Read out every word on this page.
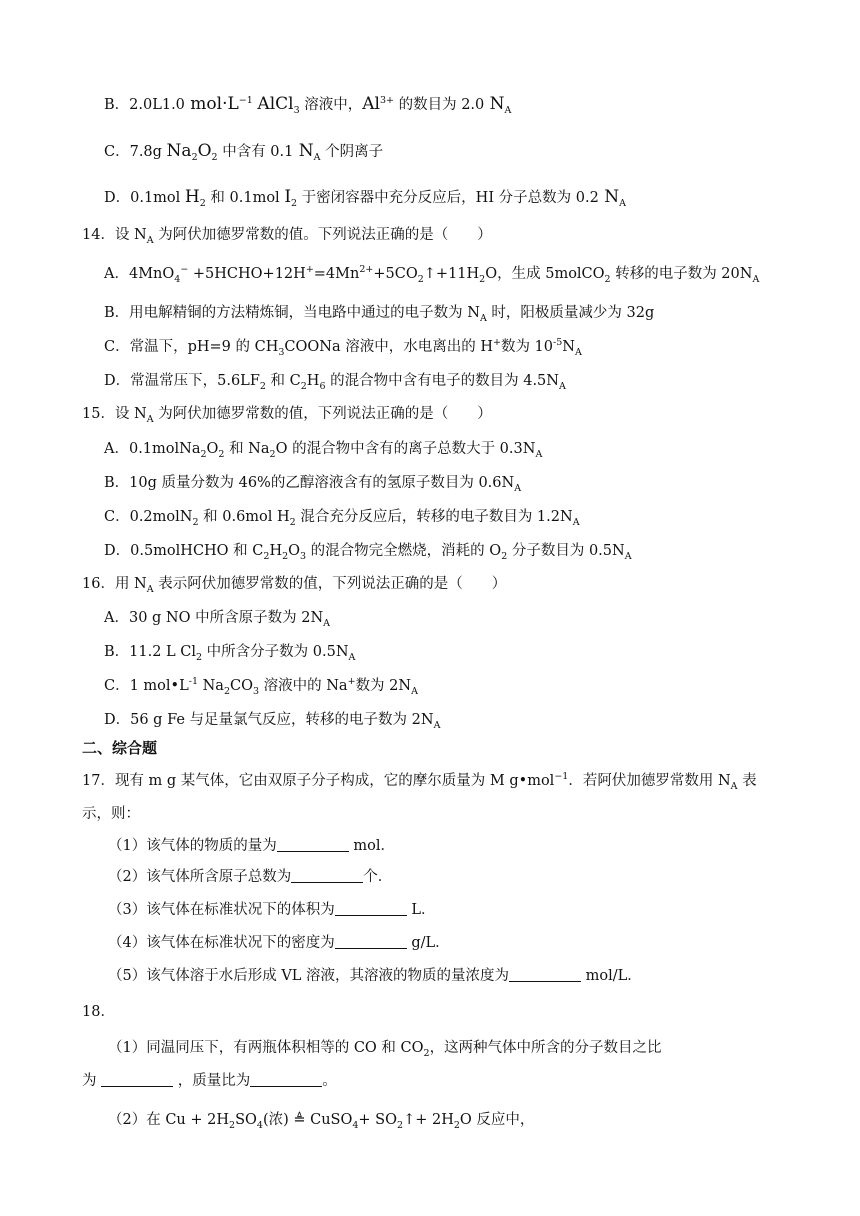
B．2.0L1.0 $mol\cdot L^{-1}$ AlCl$_3$ 溶液中，$Al^{3+}$ 的数目为 2.0 $N_A$
C．7.8g $Na_2O_2$ 中含有 0.1 $N_A$ 个阴离子
D．0.1mol $H_2$ 和 0.1mol $I_2$ 于密闭容器中充分反应后，HI 分子总数为 0.2 $N_A$
14．设 $N_A$ 为阿伏加德罗常数的值。下列说法正确的是（　　）
A．$4MnO_4^- +5HCHO+12H^+=4Mn^{2+}+5CO_2↑+11H_2O$，生成 5molCO$_2$ 转移的电子数为 $20N_A$
B．用电解精铜的方法精炼铜，当电路中通过的电子数为 $N_A$ 时，阳极质量减少为 32g
C．常温下，pH=9 的 $CH_3COONa$ 溶液中，水电离出的 H+数为 $10^{-5}N_A$
D．常温常压下，$5.6LF_2$ 和 $C_2H_6$ 的混合物中含有电子的数目为 $4.5N_A$
15．设 $N_A$ 为阿伏加德罗常数的值，下列说法正确的是（　　）
A．$0.1molNa_2O_2$ 和 $Na_2O$ 的混合物中含有的离子总数大于 $0.3N_A$
B．10g 质量分数为 46%的乙醇溶液含有的氢原子数目为 $0.6N_A$
C．0.2molN$_2$ 和 0.6mol $H_2$ 混合充分反应后，转移的电子数目为 $1.2N_A$
D．0.5molHCHO 和 $C_2H_2O_3$ 的混合物完全燃烧，消耗的 $O_2$ 分子数目为 $0.5N_A$
16．用 $N_A$ 表示阿伏加德罗常数的值，下列说法正确的是（　　）
A．30 g NO 中所含原子数为 $2N_A$
B．11.2 L $Cl_2$ 中所含分子数为 $0.5N_A$
C．1 $mol•L^{-1}$ $Na_2CO_3$ 溶液中的 Na+数为 $2N_A$
D．56 g Fe 与足量氯气反应，转移的电子数为 $2N_A$
二、综合题
17．现有 m g 某气体，它由双原子分子构成，它的摩尔质量为 M g•mol$^{-1}$．若阿伏加德罗常数用 $N_A$ 表
示，则：
（1）该气体的物质的量为	mol．
（2）该气体所含原子总数为	个．
（3）该气体在标准状况下的体积为	L．
（4）该气体在标准状况下的密度为	g/L．
（5）该气体溶于水后形成 VL 溶液，其溶液的物质的量浓度为	mol/L．
18．
（1）同温同压下，有两瓶体积相等的 CO 和 $CO_2$，这两种气体中所含的分子数目之比
为	，质量比为	。
（2）在 $Cu + 2H_2SO_4$(浓) ≜ CuSO$_4$+ $SO_2↑+ 2H_2O$ 反应中，
